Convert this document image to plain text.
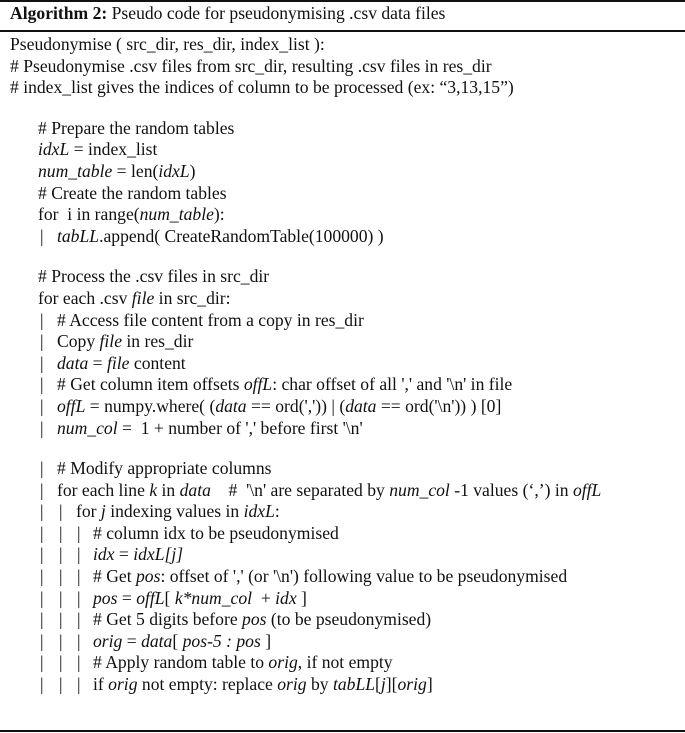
Algorithm 2: Pseudo code for pseudonymising .csv data files
Pseudonymise ( src_dir, res_dir, index_list ):
# Pseudonymise .csv files from src_dir, resulting .csv files in res_dir
# index_list gives the indices of column to be processed (ex: “3,13,15”)
# Prepare the random tables
idxL = index_list
num_table = len(idxL)
# Create the random tables
for  i in range(num_table):
| tabLL.append( CreateRandomTable(100000) )
# Process the .csv files in src_dir
for each .csv file in src_dir:
| # Access file content from a copy in res_dir
| Copy file in res_dir
| data = file content
| # Get column item offsets offL: char offset of all ',' and '\n' in file
| offL = numpy.where( (data == ord(',')) | (data == ord('\n')) ) [0]
| num_col =  1 + number of ',' before first '\n'
| # Modify appropriate columns
| for each line k in data    #  '\n' are separated by num_col -1 values (‘,’) in offL
| | for j indexing values in idxL:
| | | # column idx to be pseudonymised
| | | idx = idxL[j]
| | | # Get pos: offset of ',' (or '\n') following value to be pseudonymised
| | | pos = offL[ k*num_col  + idx ]
| | | # Get 5 digits before pos (to be pseudonymised)
| | | orig = data[ pos-5 : pos ]
| | | # Apply random table to orig, if not empty
| | | if orig not empty: replace orig by tabLL[j][orig]
